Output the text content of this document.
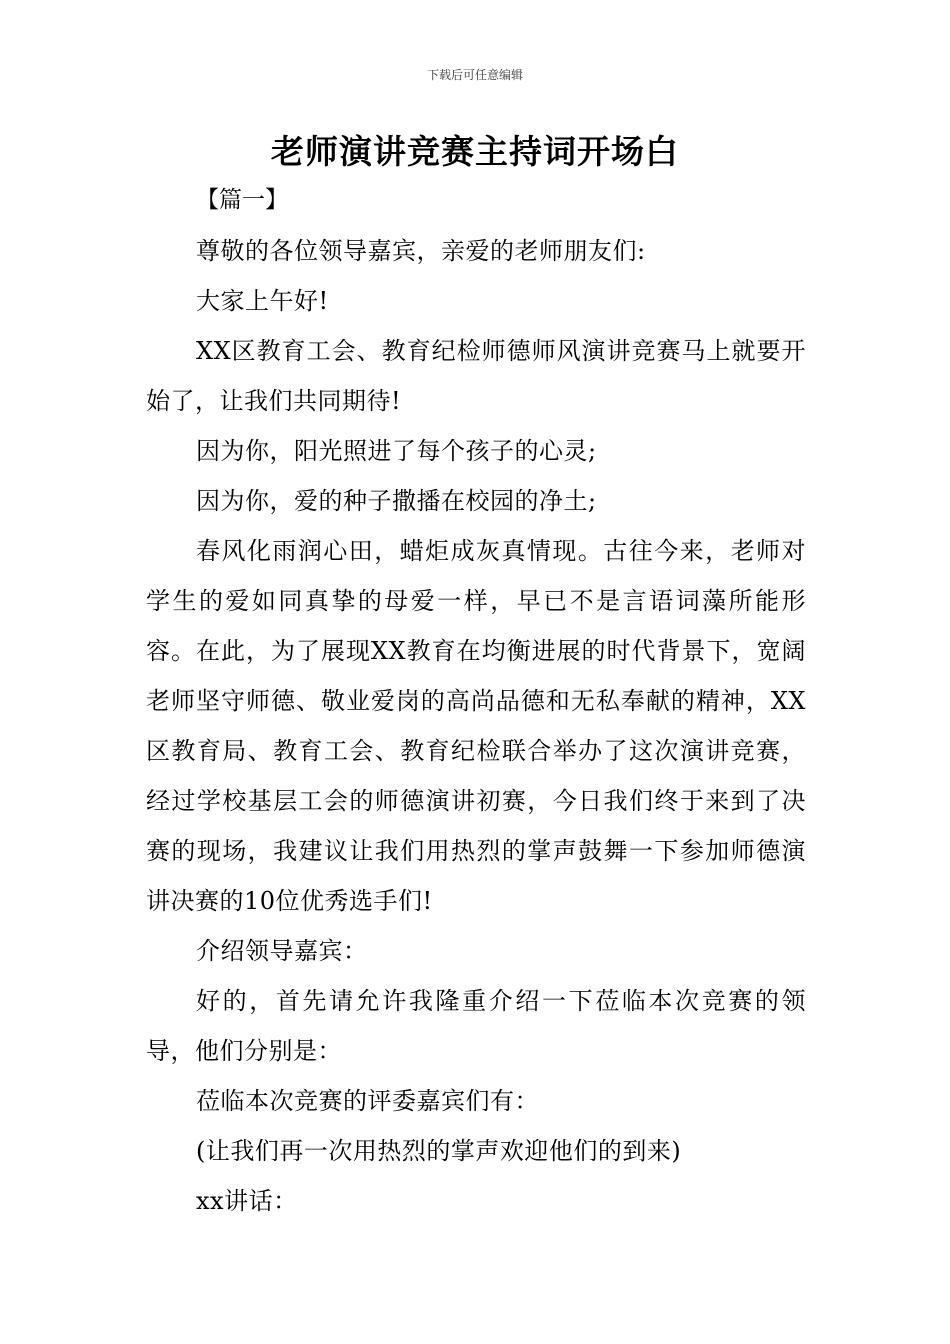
下载后可任意编辑
老师演讲竞赛主持词开场白
【篇一】

尊敬的各位领导嘉宾，亲爱的老师朋友们:

大家上午好!

XX区教育工会、教育纪检师德师风演讲竞赛马上就要开始了，让我们共同期待!

因为你，阳光照进了每个孩子的心灵;

因为你，爱的种子撒播在校园的净土;

春风化雨润心田，蜡炬成灰真情现。古往今来，老师对学生的爱如同真挚的母爱一样，早已不是言语词藻所能形容。在此，为了展现XX教育在均衡进展的时代背景下，宽阔老师坚守师德、敬业爱岗的高尚品德和无私奉献的精神，XX区教育局、教育工会、教育纪检联合举办了这次演讲竞赛，经过学校基层工会的师德演讲初赛，今日我们终于来到了决赛的现场，我建议让我们用热烈的掌声鼓舞一下参加师德演讲决赛的10位优秀选手们!

介绍领导嘉宾：

好的，首先请允许我隆重介绍一下莅临本次竞赛的领导，他们分别是：

莅临本次竞赛的评委嘉宾们有：

(让我们再一次用热烈的掌声欢迎他们的到来)

xx讲话：
